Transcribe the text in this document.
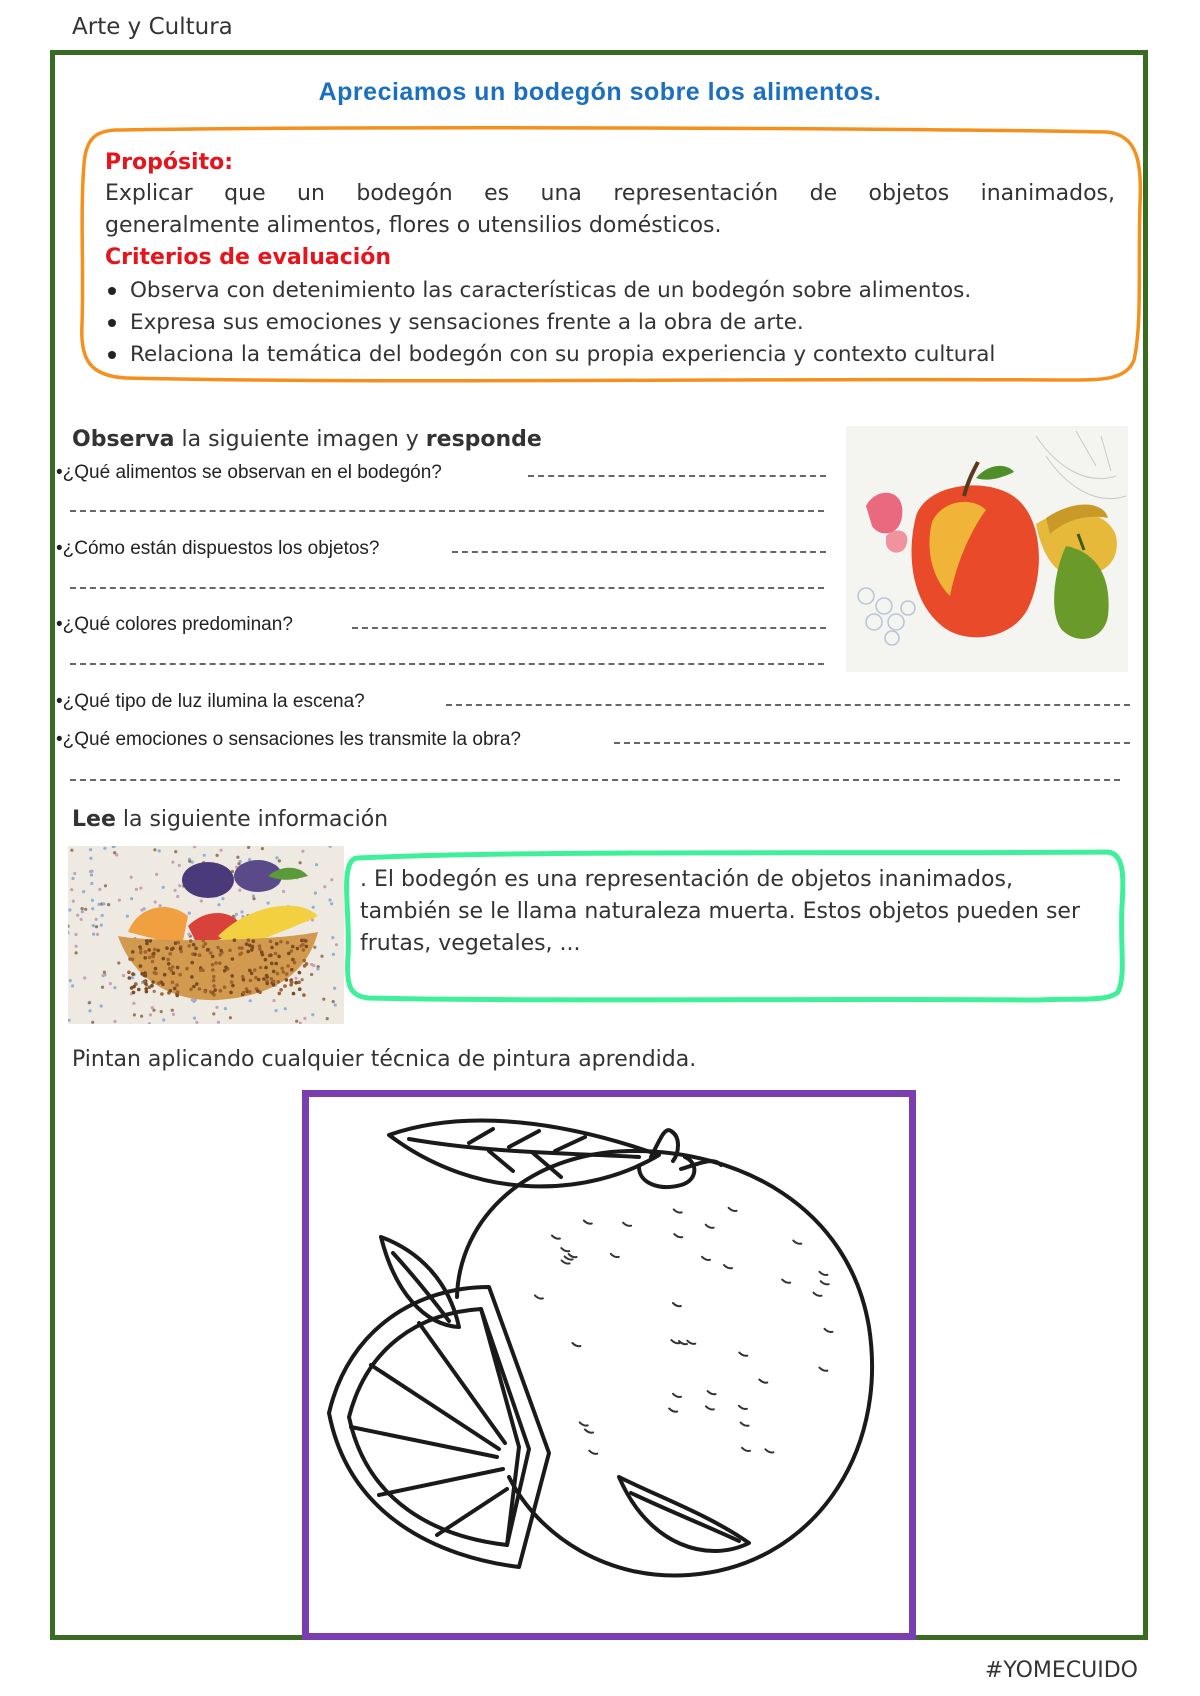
Arte y Cultura
Apreciamos un bodegón sobre los alimentos.
Propósito:
Explicar que un bodegón es una representación de objetos inanimados,
generalmente alimentos, flores o utensilios domésticos.
Criterios de evaluación
Observa con detenimiento las características de un bodegón sobre alimentos.
Expresa sus emociones y sensaciones frente a la obra de arte.
Relaciona la temática del bodegón con su propia experiencia y contexto cultural
Observa la siguiente imagen y responde
•¿Qué alimentos se observan en el bodegón?
•¿Cómo están dispuestos los objetos?
•¿Qué colores predominan?
•¿Qué tipo de luz ilumina la escena?
•¿Qué emociones o sensaciones les transmite la obra?
Lee la siguiente información
. El bodegón es una representación de objetos inanimados, también se le llama naturaleza muerta. Estos objetos pueden ser frutas, vegetales, ...
Pintan aplicando cualquier técnica de pintura aprendida.
#YOMECUIDO
